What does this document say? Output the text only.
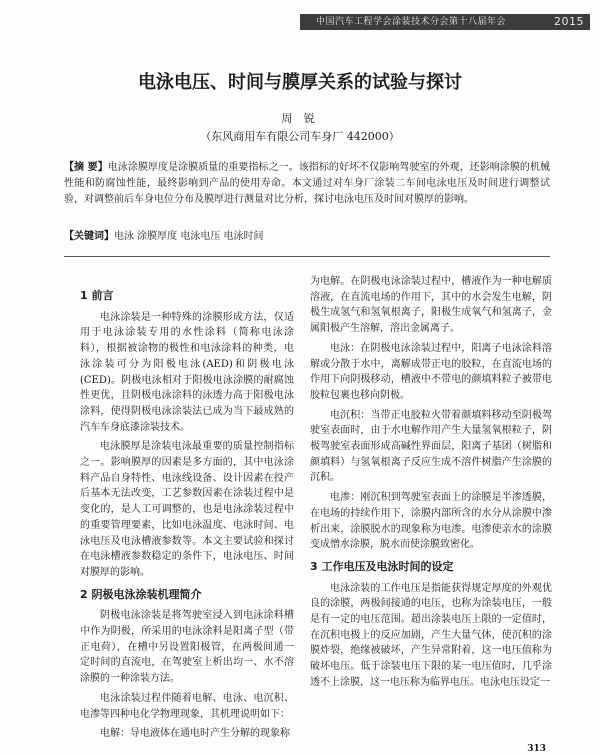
中国汽车工程学会涂装技术分会第十八届年会	2015
电泳电压、时间与膜厚关系的试验与探讨
周 锐
（东风商用车有限公司车身厂 442000）
【摘 要】电泳涂膜厚度是涂膜质量的重要指标之一。该指标的好坏不仅影响驾驶室的外观，还影响涂膜的机械性能和防腐蚀性能，最终影响到产品的使用寿命。本文通过对车身厂涂装二车间电泳电压及时间进行调整试验，对调整前后车身电位分布及膜厚进行测量对比分析，探讨电泳电压及时间对膜厚的影响。
【关键词】电泳 涂膜厚度 电泳电压 电泳时间
1 前言

电泳涂装是一种特殊的涂膜形成方法，仅适用于电泳涂装专用的水性涂料（简称电泳涂料），根据被涂物的极性和电泳涂料的种类，电泳涂装可分为阳极电泳(AED)和阴极电泳(CED)。阴极电泳相对于阳极电泳涂膜的耐腐蚀性更优，且阴极电泳涂料的泳透力高于阳极电泳涂料，使得阴极电泳涂装法已成为当下最成熟的汽车车身底漆涂装技术。

电泳膜厚是涂装电泳最重要的质量控制指标之一。影响膜厚的因素是多方面的，其中电泳涂料产品自身特性、电泳线设备、设计因素在投产后基本无法改变，工艺参数因素在涂装过程中是变化的，是人工可调整的，也是电泳涂装过程中的重要管理要素，比如电泳温度、电泳时间、电泳电压及电泳槽液参数等。本文主要试验和探讨在电泳槽液参数稳定的条件下，电泳电压、时间对膜厚的影响。

2 阴极电泳涂装机理简介

阴极电泳涂装是将驾驶室浸入到电泳涂料槽中作为阴极，所采用的电泳涂料是阳离子型（带正电荷），在槽中另设置阳极管，在两极间通一定时间的直流电，在驾驶室上析出均一、水不溶涂膜的一种涂装方法。

电泳涂装过程伴随着电解、电泳、电沉积、电渗等四种电化学物理现象，其机理说明如下：

电解：导电液体在通电时产生分解的现象称

为电解。在阴极电泳涂装过程中，槽液作为一种电解质溶液，在直流电场的作用下，其中的水会发生电解，阴极生成氢气和氢氧根离子，阳极生成氧气和氢离子，金属阳极产生溶解，溶出金属离子。

电泳：在阴极电泳涂装过程中，阳离子电泳涂料溶解或分散于水中，离解成带正电的胶粒，在直流电场的作用下向阴极移动，槽液中不带电的颜填料粒子被带电胶粒包裹也移向阴极。

电沉积：当带正电胶粒火带着颜填料移动至阴极驾驶室表面时，由于水电解作用产生大量氢氧根粒子，阴极驾驶室表面形成高碱性界面层，阳离子基团（树脂和颜填料）与氢氧根离子反应生成不溶件树脂产生涂膜的沉积。

电渗：刚沉积到驾驶室表面上的涂膜是半渗透膜，在电场的持续作用下，涂膜内部所含的水分从涂膜中渗析出来，涂膜脱水的现象称为电渗。电渗使亲水的涂膜变成憎水涂膜，脱水而使涂膜致密化。

3 工作电压及电泳时间的设定

电泳涂装的工作电压是指能获得规定厚度的外观优良的涂膜，两极间接通的电压，也称为涂装电压，一般是有一定的电压范围。超出涂装电压上限的一定值时，在沉积电极上的反应加剧，产生大量气体，使沉积的涂膜炸裂，绝缘被破坏，产生异常附着，这一电压值称为破坏电压。低于涂装电压下限的某一电压值时，几乎涂透不上涂膜，这一电压称为临界电压。电泳电压设定一

313
